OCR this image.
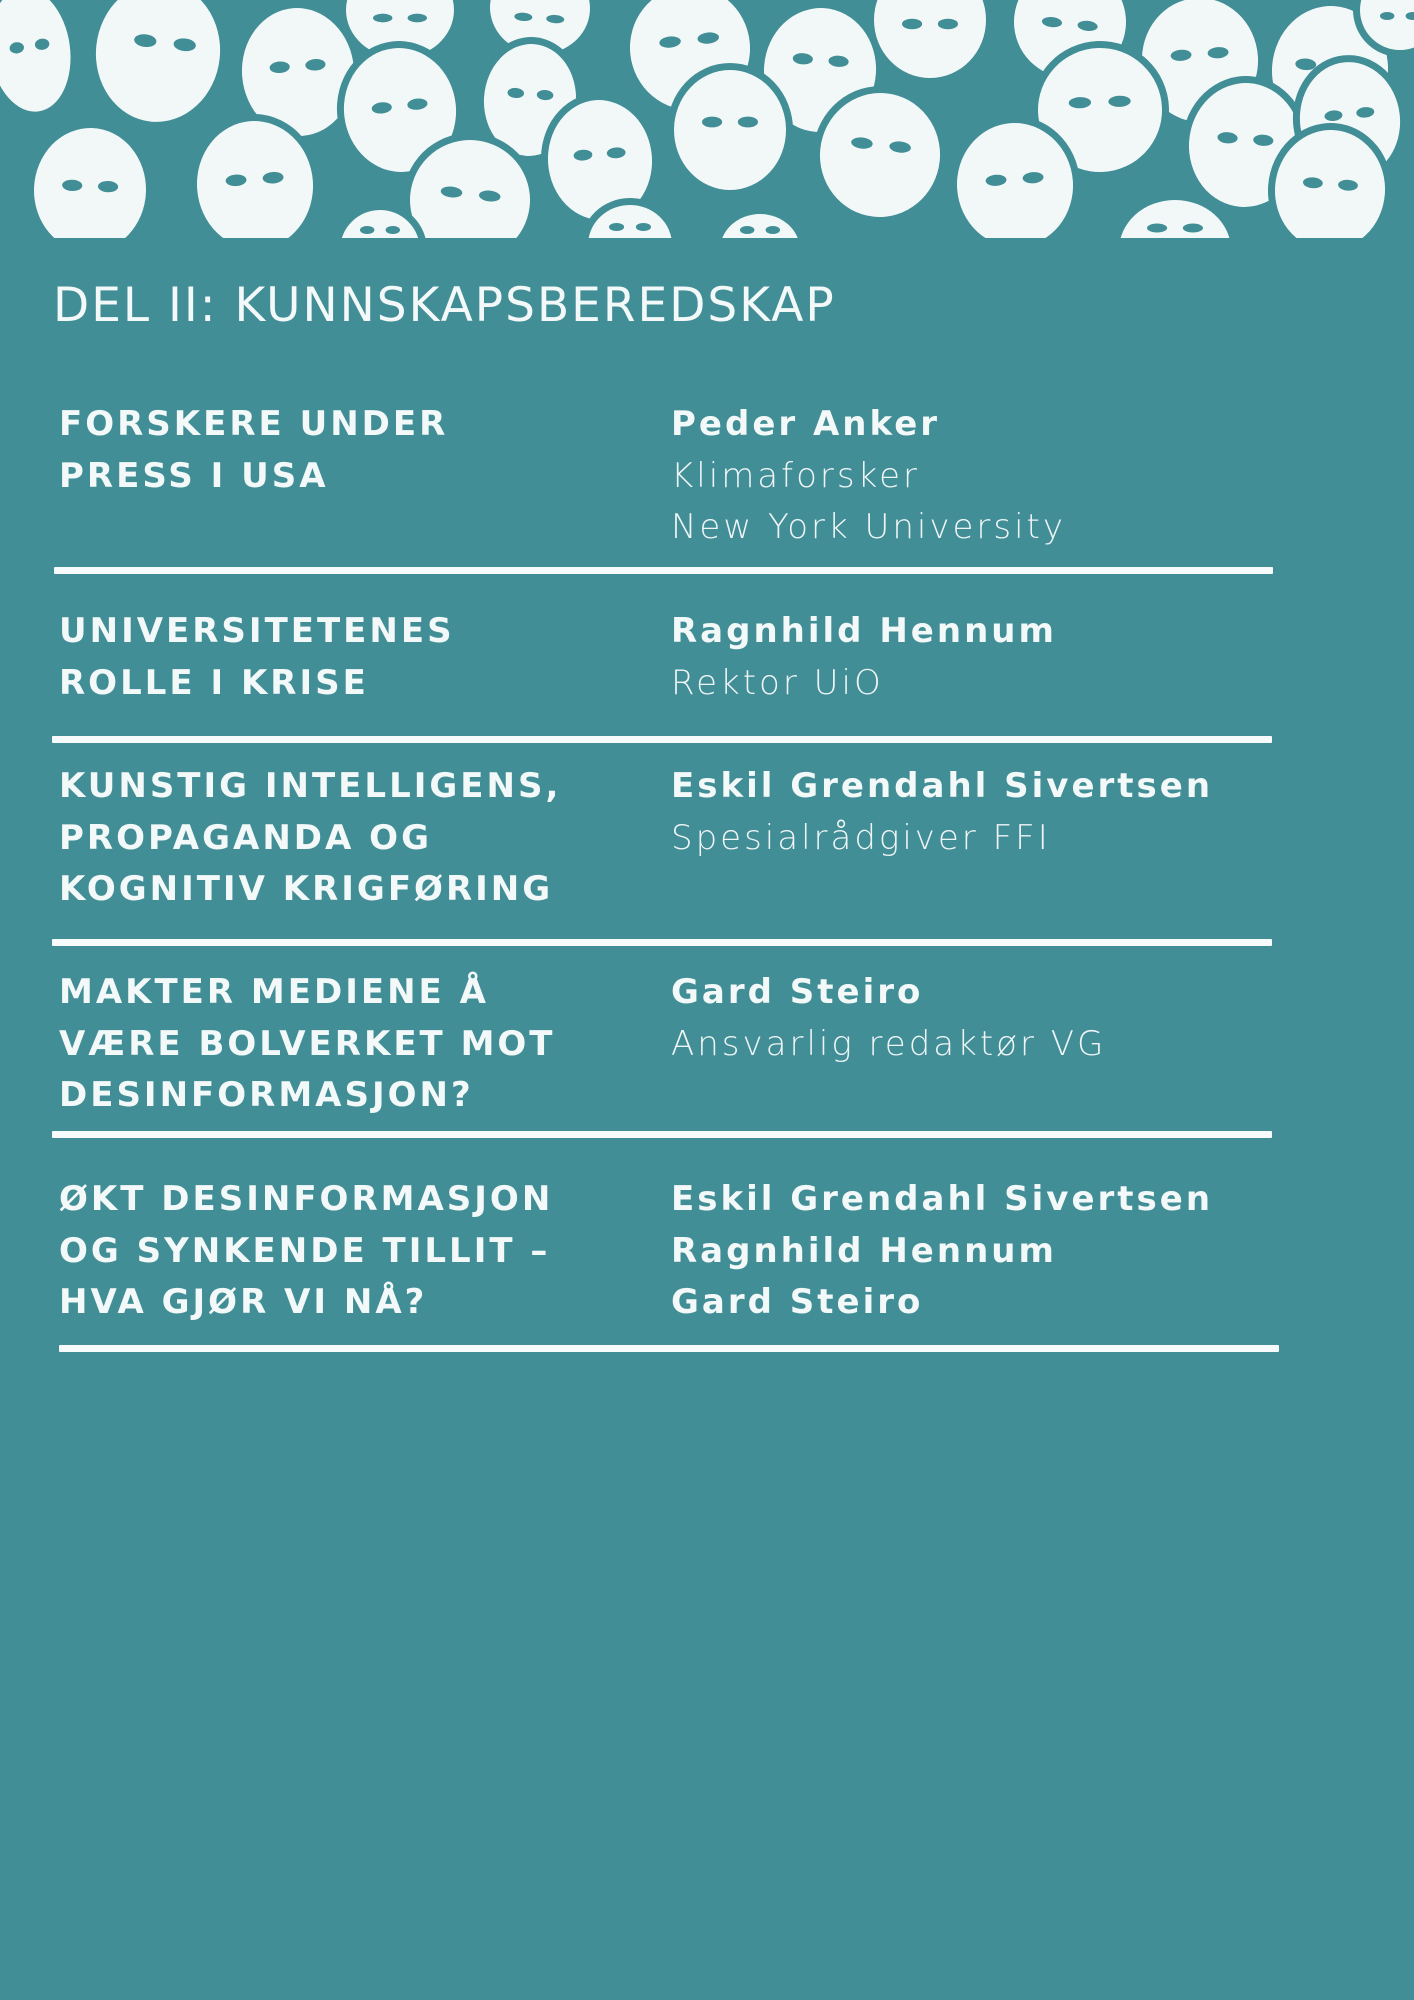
DEL II: KUNNSKAPSBEREDSKAP

FORSKERE UNDER
PRESS I USA

Peder Anker
Klimaforsker
New York University

UNIVERSITETENES
ROLLE I KRISE

Ragnhild Hennum
Rektor UiO

KUNSTIG INTELLIGENS,
PROPAGANDA OG
KOGNITIV KRIGFØRING

Eskil Grendahl Sivertsen
Spesialrådgiver FFI

MAKTER MEDIENE Å
VÆRE BOLVERKET MOT
DESINFORMASJON?

Gard Steiro
Ansvarlig redaktør VG

ØKT DESINFORMASJON
OG SYNKENDE TILLIT –
HVA GJØR VI NÅ?

Eskil Grendahl Sivertsen
Ragnhild Hennum
Gard Steiro
